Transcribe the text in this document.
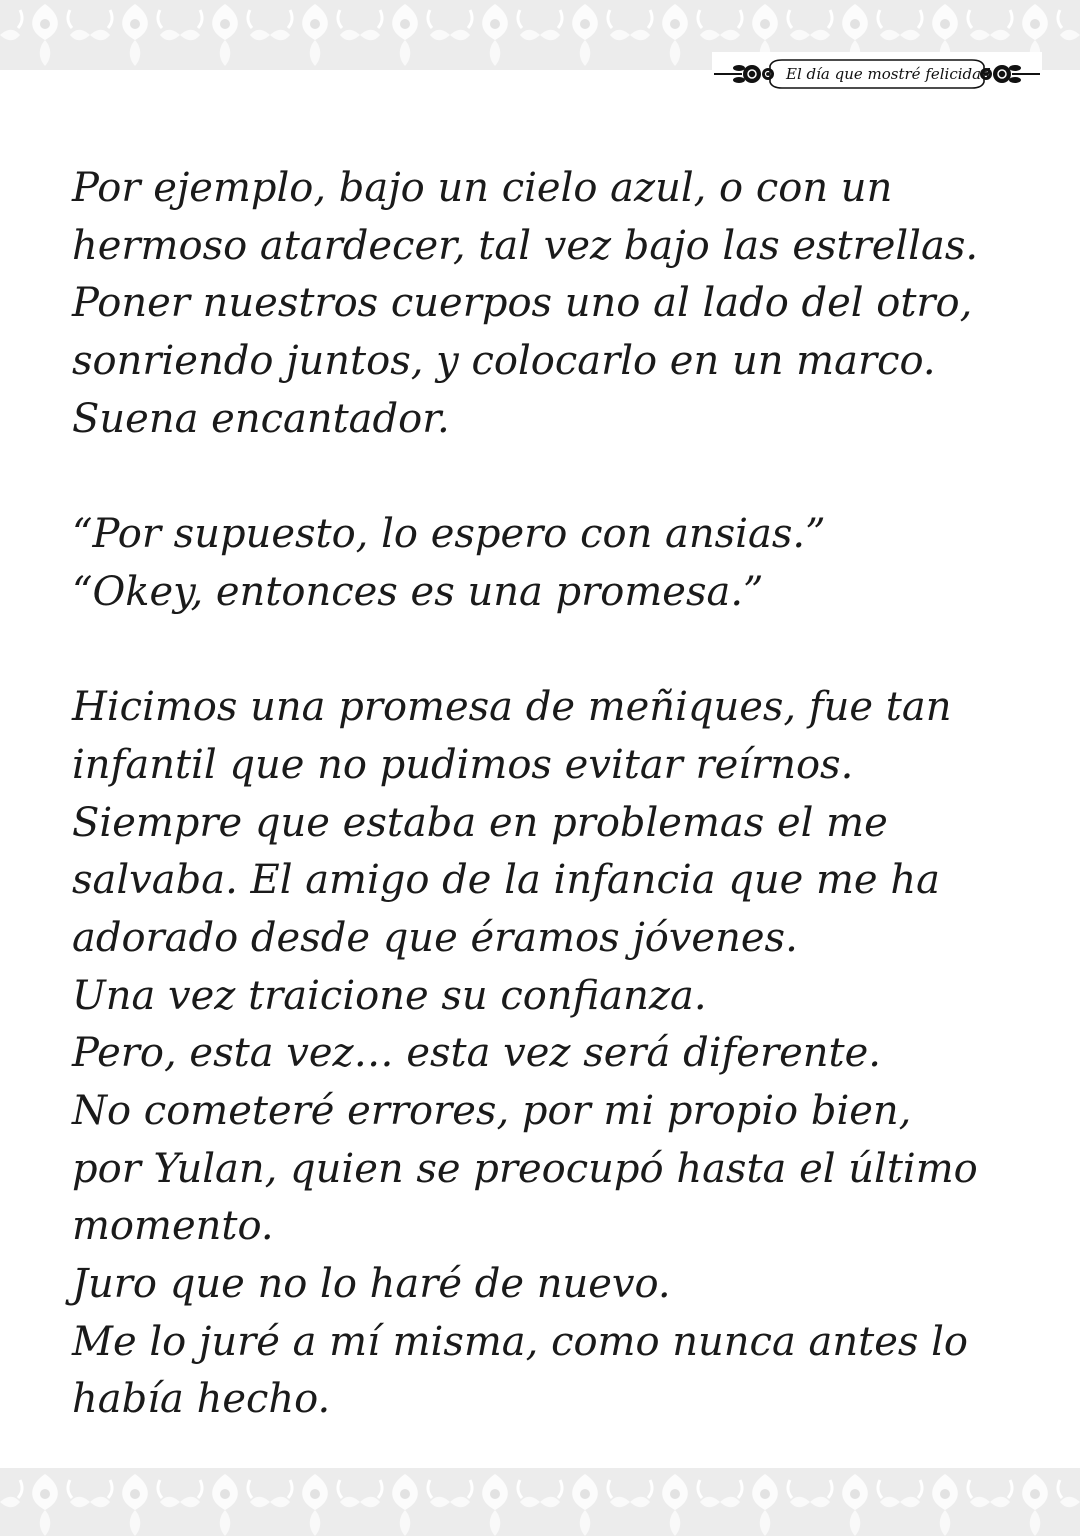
El día que mostré felicidad
Por ejemplo, bajo un cielo azul, o con un
hermoso atardecer, tal vez bajo las estrellas.
Poner nuestros cuerpos uno al lado del otro,
sonriendo juntos, y colocarlo en un marco.
Suena encantador.
“Por supuesto, lo espero con ansias.”
“Okey, entonces es una promesa.”
Hicimos una promesa de meñiques, fue tan
infantil que no pudimos evitar reírnos.
Siempre que estaba en problemas el me
salvaba. El amigo de la infancia que me ha
adorado desde que éramos jóvenes.
Una vez traicione su confianza.
Pero, esta vez… esta vez será diferente.
No cometeré errores, por mi propio bien,
por Yulan, quien se preocupó hasta el último
momento.
Juro que no lo haré de nuevo.
Me lo juré a mí misma, como nunca antes lo
había hecho.
